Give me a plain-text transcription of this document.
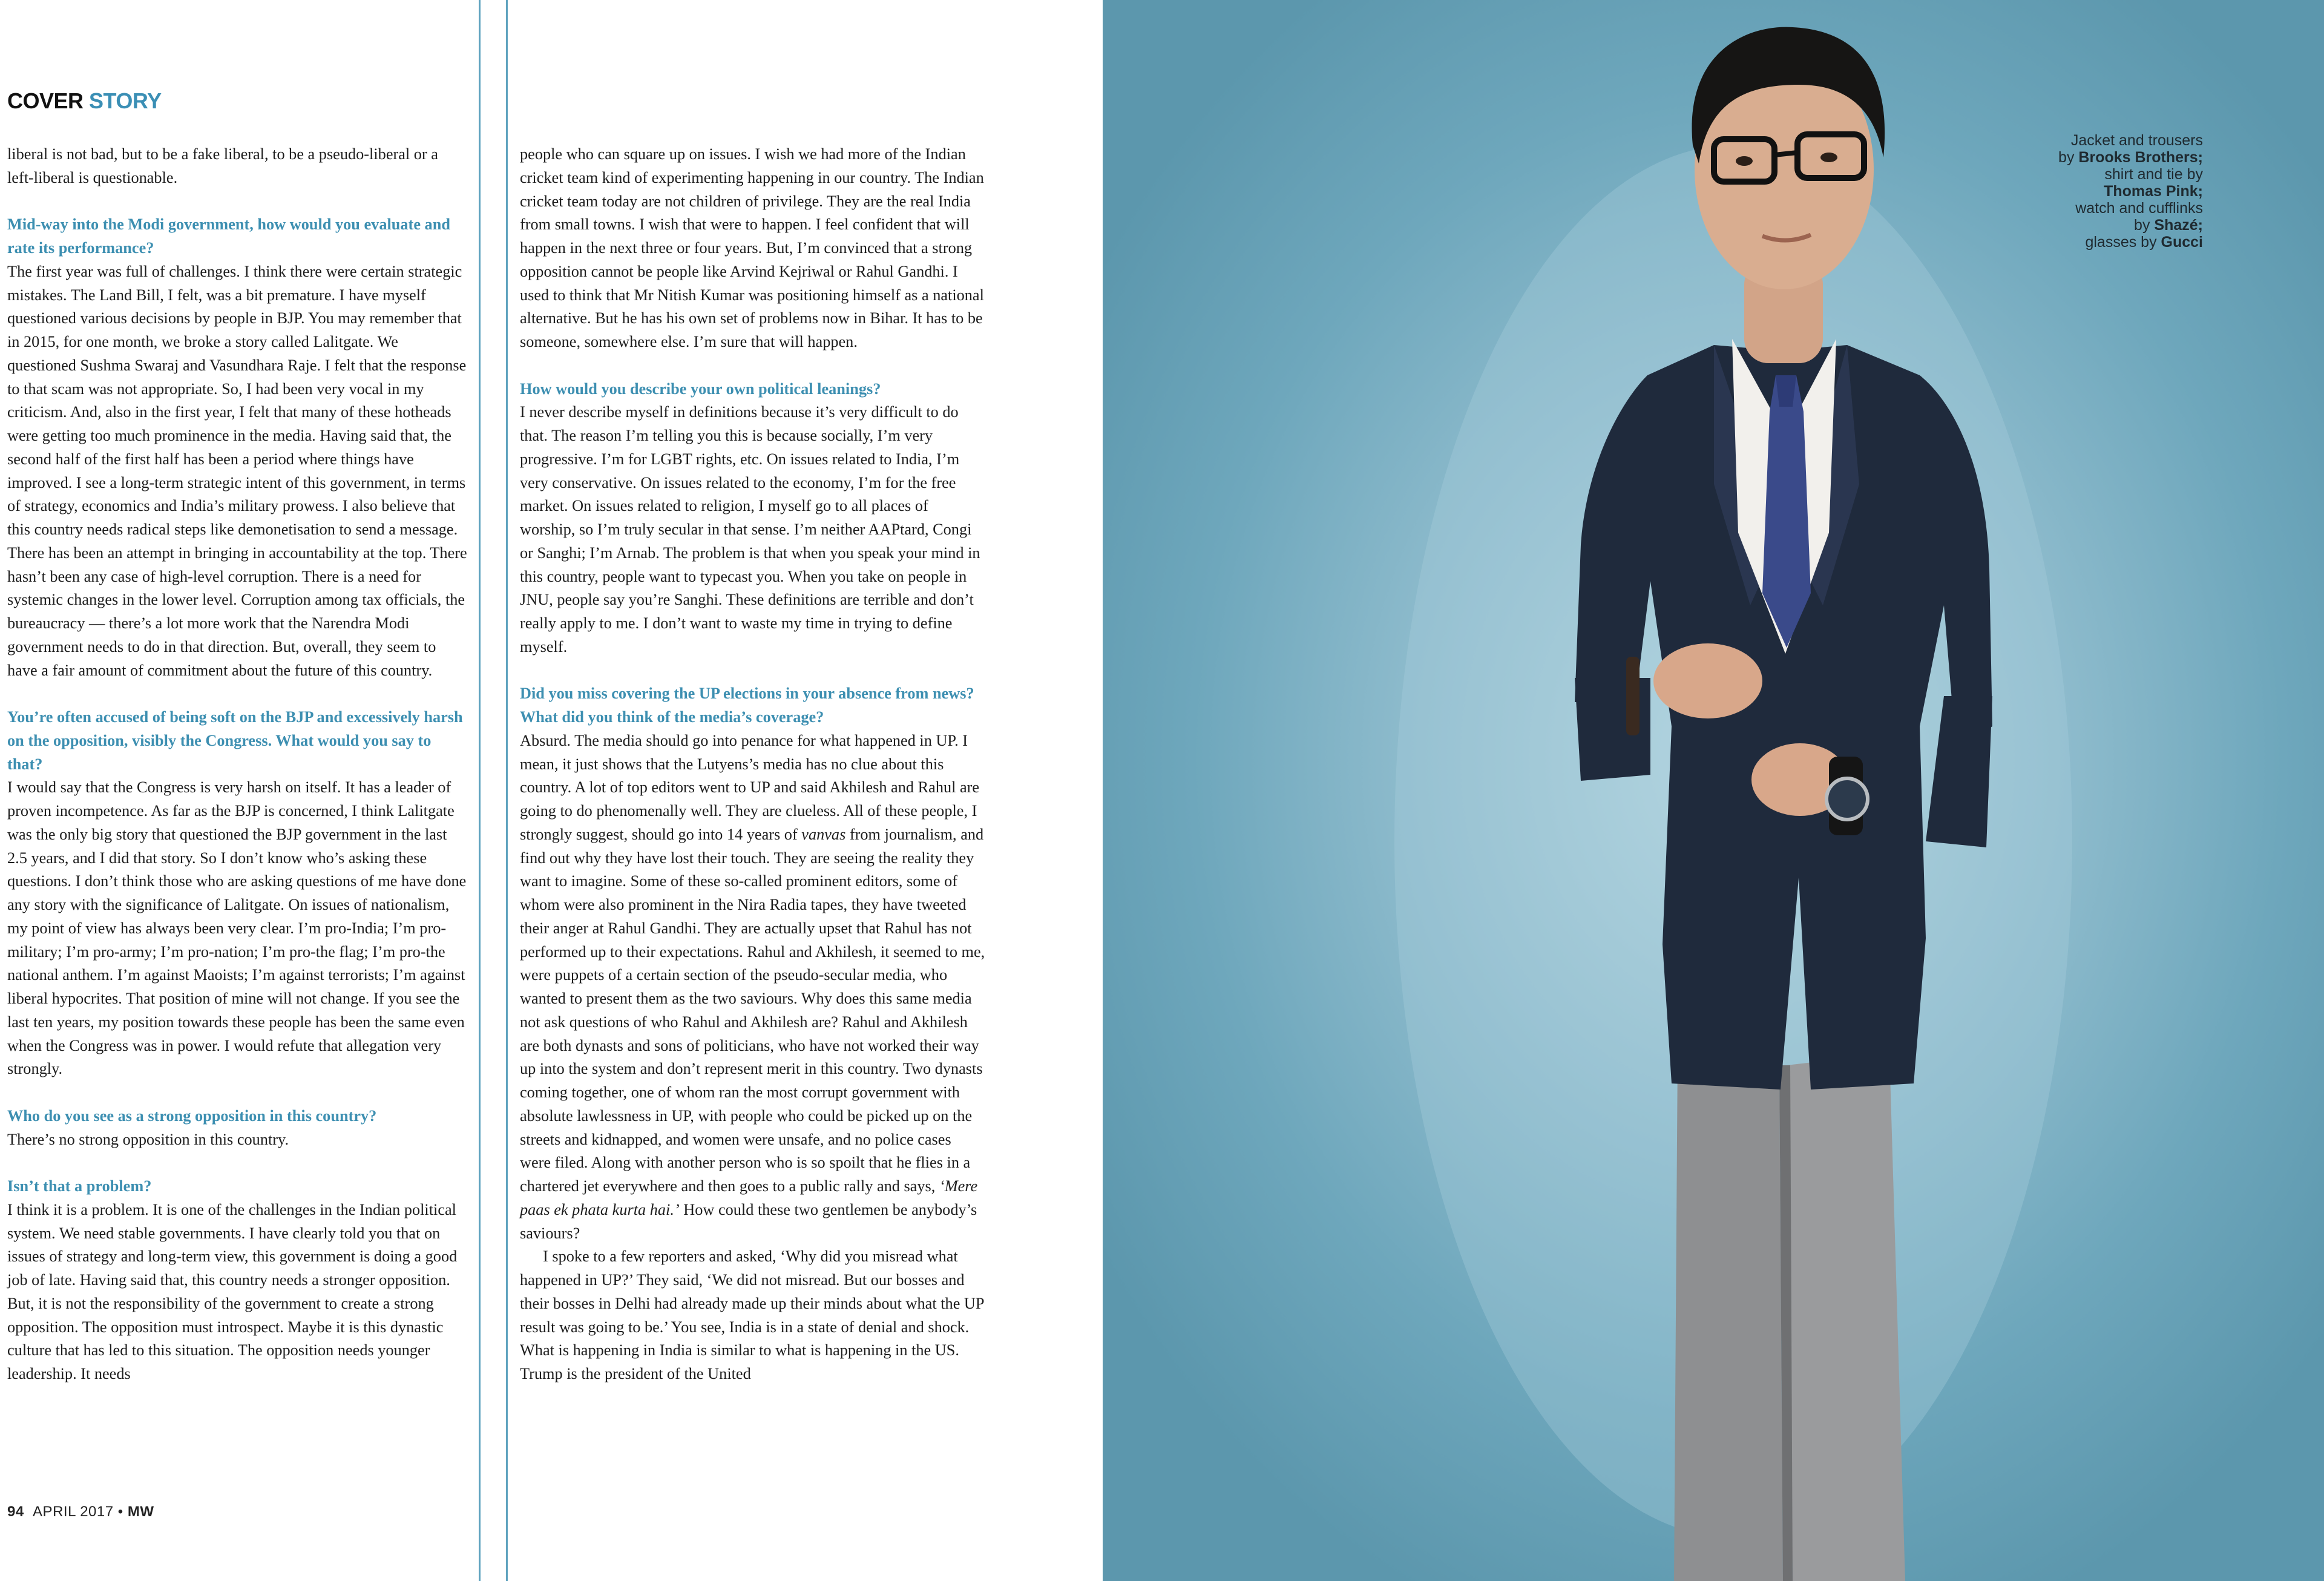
COVER STORY

liberal is not bad, but to be a fake liberal, to be a pseudo-liberal or a left-liberal is questionable.

Mid-way into the Modi government, how would you evaluate and rate its performance?

The first year was full of challenges. I think there were certain strategic mistakes. The Land Bill, I felt, was a bit premature. I have myself questioned various decisions by people in BJP. You may remember that in 2015, for one month, we broke a story called Lalitgate. We questioned Sushma Swaraj and Vasundhara Raje. I felt that the response to that scam was not appropriate. So, I had been very vocal in my criticism. And, also in the first year, I felt that many of these hotheads were getting too much prominence in the media. Having said that, the second half of the first half has been a period where things have improved. I see a long-term strategic intent of this government, in terms of strategy, economics and India’s military prowess. I also believe that this country needs radical steps like demonetisation to send a message. There has been an attempt in bringing in accountability at the top. There hasn’t been any case of high-level corruption. There is a need for systemic changes in the lower level. Corruption among tax officials, the bureaucracy — there’s a lot more work that the Narendra Modi government needs to do in that direction. But, overall, they seem to have a fair amount of commitment about the future of this country.

You’re often accused of being soft on the BJP and excessively harsh on the opposition, visibly the Congress. What would you say to that?

I would say that the Congress is very harsh on itself. It has a leader of proven incompetence. As far as the BJP is concerned, I think Lalitgate was the only big story that questioned the BJP government in the last 2.5 years, and I did that story. So I don’t know who’s asking these questions. I don’t think those who are asking questions of me have done any story with the significance of Lalitgate. On issues of nationalism, my point of view has always been very clear. I’m pro-India; I’m pro-military; I’m pro-army; I’m pro-nation; I’m pro-the flag; I’m pro-the national anthem. I’m against Maoists; I’m against terrorists; I’m against liberal hypocrites. That position of mine will not change. If you see the last ten years, my position towards these people has been the same even when the Congress was in power. I would refute that allegation very strongly.

Who do you see as a strong opposition in this country?

There’s no strong opposition in this country.

Isn’t that a problem?

I think it is a problem. It is one of the challenges in the Indian political system. We need stable governments. I have clearly told you that on issues of strategy and long-term view, this government is doing a good job of late. Having said that, this country needs a stronger opposition. But, it is not the responsibility of the government to create a strong opposition. The opposition must introspect. Maybe it is this dynastic culture that has led to this situation. The opposition needs younger leadership. It needs

people who can square up on issues. I wish we had more of the Indian cricket team kind of experimenting happening in our country. The Indian cricket team today are not children of privilege. They are the real India from small towns. I wish that were to happen. I feel confident that will happen in the next three or four years. But, I’m convinced that a strong opposition cannot be people like Arvind Kejriwal or Rahul Gandhi. I used to think that Mr Nitish Kumar was positioning himself as a national alternative. But he has his own set of problems now in Bihar. It has to be someone, somewhere else. I’m sure that will happen.

How would you describe your own political leanings?

I never describe myself in definitions because it’s very difficult to do that. The reason I’m telling you this is because socially, I’m very progressive. I’m for LGBT rights, etc. On issues related to India, I’m very conservative. On issues related to the economy, I’m for the free market. On issues related to religion, I myself go to all places of worship, so I’m truly secular in that sense. I’m neither AAPtard, Congi or Sanghi; I’m Arnab. The problem is that when you speak your mind in this country, people want to typecast you. When you take on people in JNU, people say you’re Sanghi. These definitions are terrible and don’t really apply to me. I don’t want to waste my time in trying to define myself.

Did you miss covering the UP elections in your absence from news? What did you think of the media’s coverage?

Absurd. The media should go into penance for what happened in UP. I mean, it just shows that the Lutyens’s media has no clue about this country. A lot of top editors went to UP and said Akhilesh and Rahul are going to do phenomenally well. They are clueless. All of these people, I strongly suggest, should go into 14 years of vanvas from journalism, and find out why they have lost their touch. They are seeing the reality they want to imagine. Some of these so-called prominent editors, some of whom were also prominent in the Nira Radia tapes, they have tweeted their anger at Rahul Gandhi. They are actually upset that Rahul has not performed up to their expectations. Rahul and Akhilesh, it seemed to me, were puppets of a certain section of the pseudo-secular media, who wanted to present them as the two saviours. Why does this same media not ask questions of who Rahul and Akhilesh are? Rahul and Akhilesh are both dynasts and sons of politicians, who have not worked their way up into the system and don’t represent merit in this country. Two dynasts coming together, one of whom ran the most corrupt government with absolute lawlessness in UP, with people who could be picked up on the streets and kidnapped, and women were unsafe, and no police cases were filed. Along with another person who is so spoilt that he flies in a chartered jet everywhere and then goes to a public rally and says, ‘Mere paas ek phata kurta hai.’ How could these two gentlemen be anybody’s saviours?

I spoke to a few reporters and asked, ‘Why did you misread what happened in UP?’ They said, ‘We did not misread. But our bosses and their bosses in Delhi had already made up their minds about what the UP result was going to be.’ You see, India is in a state of denial and shock. What is happening in India is similar to what is happening in the US. Trump is the president of the United

94 APRIL 2017 • MW
Jacket and trousers
by Brooks Brothers;
shirt and tie by
Thomas Pink;
watch and cufflinks
by Shazé;
glasses by Gucci
